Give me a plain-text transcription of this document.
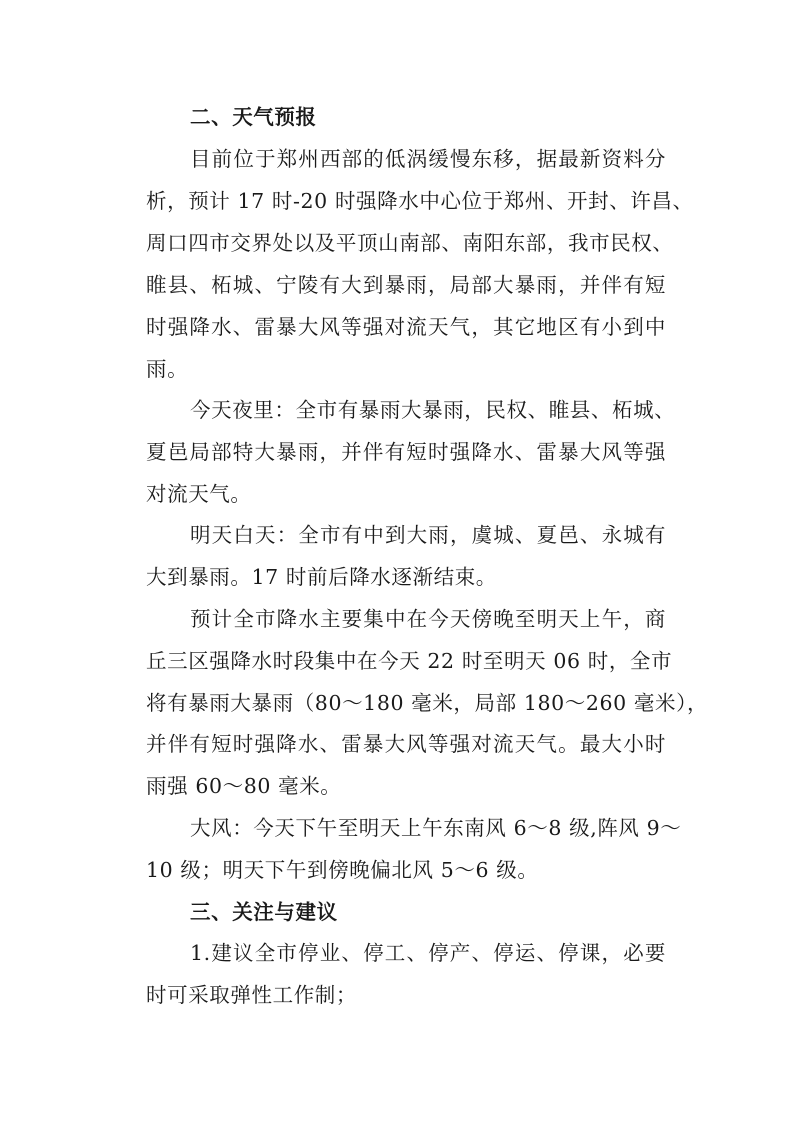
二、天气预报
目前位于郑州西部的低涡缓慢东移，据最新资料分
析，预计 17 时-20 时强降水中心位于郑州、开封、许昌、
周口四市交界处以及平顶山南部、南阳东部，我市民权、
睢县、柘城、宁陵有大到暴雨，局部大暴雨，并伴有短
时强降水、雷暴大风等强对流天气，其它地区有小到中
雨。
今天夜里：全市有暴雨大暴雨，民权、睢县、柘城、
夏邑局部特大暴雨，并伴有短时强降水、雷暴大风等强
对流天气。
明天白天：全市有中到大雨，虞城、夏邑、永城有
大到暴雨。17 时前后降水逐渐结束。
预计全市降水主要集中在今天傍晚至明天上午，商
丘三区强降水时段集中在今天 22 时至明天 06 时，全市
将有暴雨大暴雨（80～180 毫米，局部 180～260 毫米），
并伴有短时强降水、雷暴大风等强对流天气。最大小时
雨强 60～80 毫米。
大风：今天下午至明天上午东南风 6～8 级,阵风 9～
10 级；明天下午到傍晚偏北风 5～6 级。
三、关注与建议
1.建议全市停业、停工、停产、停运、停课，必要
时可采取弹性工作制；
